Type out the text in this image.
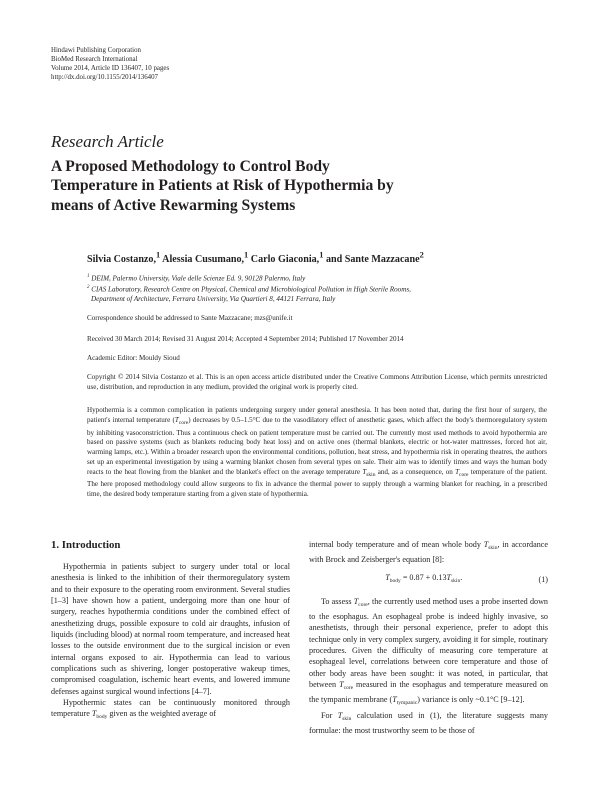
Hindawi Publishing Corporation
BioMed Research International
Volume 2014, Article ID 136407, 10 pages
http://dx.doi.org/10.1155/2014/136407
Research Article
A Proposed Methodology to Control Body Temperature in Patients at Risk of Hypothermia by means of Active Rewarming Systems
Silvia Costanzo,$^1$ Alessia Cusumano,$^1$ Carlo Giaconia,$^1$ and Sante Mazzacane$^2$
$^1$ DEIM, Palermo University, Viale delle Scienze Ed. 9, 90128 Palermo, Italy
$^2$ CIAS Laboratory, Research Centre on Physical, Chemical and Microbiological Pollution in High Sterile Rooms,
Department of Architecture, Ferrara University, Via Quartieri 8, 44121 Ferrara, Italy
Correspondence should be addressed to Sante Mazzacane; mzs@unife.it
Received 30 March 2014; Revised 31 August 2014; Accepted 4 September 2014; Published 17 November 2014
Academic Editor: Mouldy Sioud
Copyright © 2014 Silvia Costanzo et al. This is an open access article distributed under the Creative Commons Attribution License, which permits unrestricted use, distribution, and reproduction in any medium, provided the original work is properly cited.
Hypothermia is a common complication in patients undergoing surgery under general anesthesia. It has been noted that, during the first hour of surgery, the patient's internal temperature $(T_{core})$ decreases by 0.5–1.5°C due to the vasodilatory effect of anesthetic gases, which affect the body's thermoregulatory system by inhibiting vasoconstriction. Thus a continuous check on patient temperature must be carried out. The currently most used methods to avoid hypothermia are based on passive systems (such as blankets reducing body heat loss) and on active ones (thermal blankets, electric or hot-water mattresses, forced hot air, warming lamps, etc.). Within a broader research upon the environmental conditions, pollution, heat stress, and hypothermia risk in operating theatres, the authors set up an experimental investigation by using a warming blanket chosen from several types on sale. Their aim was to identify times and ways the human body reacts to the heat flowing from the blanket and the blanket's effect on the average temperature $T_{skin}$ and, as a consequence, on $T_{core}$ temperature of the patient. The here proposed methodology could allow surgeons to fix in advance the thermal power to supply through a warming blanket for reaching, in a prescribed time, the desired body temperature starting from a given state of hypothermia.
1. Introduction

Hypothermia in patients subject to surgery under total or local anesthesia is linked to the inhibition of their thermoregulatory system and to their exposure to the operating room environment. Several studies [1–3] have shown how a patient, undergoing more than one hour of surgery, reaches hypothermia conditions under the combined effect of anesthetizing drugs, possible exposure to cold air draughts, infusion of liquids (including blood) at normal room temperature, and increased heat losses to the outside environment due to the surgical incision or even internal organs exposed to air. Hypothermia can lead to various complications such as shivering, longer postoperative wakeup times, compromised coagulation, ischemic heart events, and lowered immune defenses against surgical wound infections [4–7].

Hypothermic states can be continuously monitored through temperature $T_{body}$ given as the weighted average of

internal body temperature and of mean whole body $T_{skin}$, in accordance with Brock and Zeisberger's equation [8]:

$T_{body} = 0.87 + 0.13T_{skin}$.	(1)

To assess $T_{core}$, the currently used method uses a probe inserted down to the esophagus. An esophageal probe is indeed highly invasive, so anesthetists, through their personal experience, prefer to adopt this technique only in very complex surgery, avoiding it for simple, routinary procedures. Given the difficulty of measuring core temperature at esophageal level, correlations between core temperature and those of other body areas have been sought: it was noted, in particular, that between $T_{core}$ measured in the esophagus and temperature measured on the tympanic membrane $(T_{tympanic})$ variance is only ~0.1°C [9–12].

For $T_{skin}$ calculation used in (1), the literature suggests many formulae: the most trustworthy seem to be those of
